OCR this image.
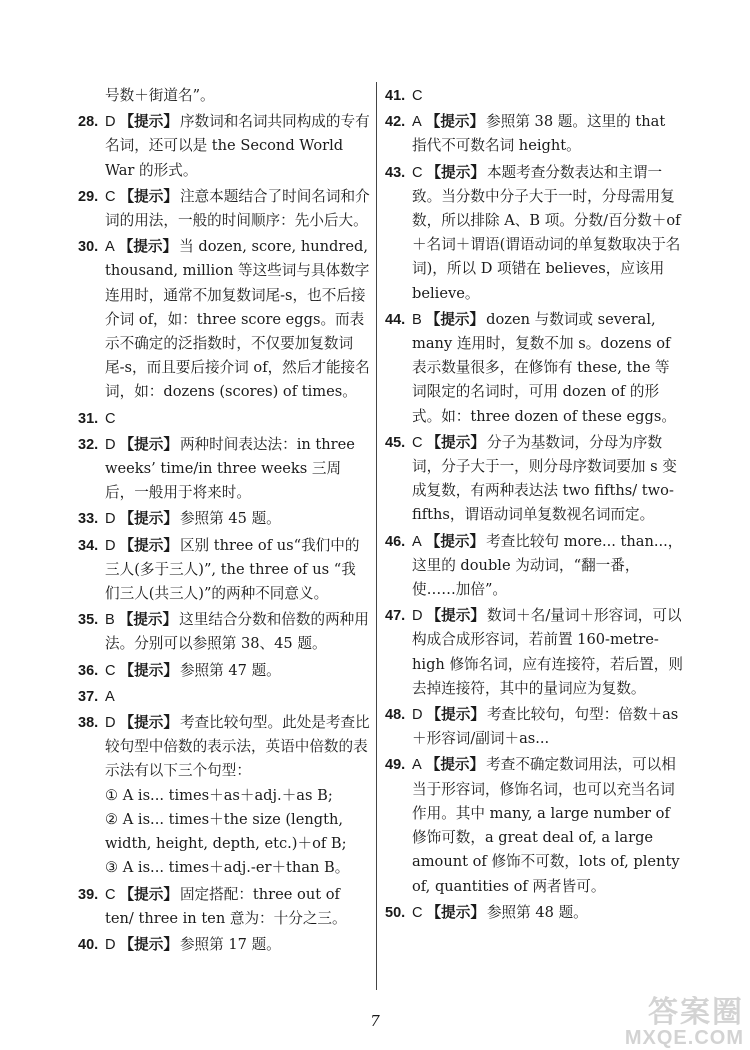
号数＋街道名”。
28. D 【提示】 序数词和名词共同构成的专有名词，还可以是 the Second World War 的形式。
29. C 【提示】 注意本题结合了时间名词和介词的用法，一般的时间顺序：先小后大。
30. A 【提示】 当 dozen, score, hundred, thousand, million 等这些词与具体数字连用时，通常不加复数词尾-s，也不后接介词 of，如：three score eggs。而表示不确定的泛指数时，不仅要加复数词尾-s，而且要后接介词 of，然后才能接名词，如：dozens (scores) of times。
31. C
32. D 【提示】 两种时间表达法：in three weeks’ time/in three weeks 三周后，一般用于将来时。
33. D 【提示】 参照第 45 题。
34. D 【提示】 区别 three of us“我们中的三人(多于三人)”, the three of us “我们三人(共三人)”的两种不同意义。
35. B 【提示】 这里结合分数和倍数的两种用法。分别可以参照第 38、45 题。
36. C 【提示】 参照第 47 题。
37. A
38. D 【提示】 考查比较句型。此处是考查比较句型中倍数的表示法，英语中倍数的表示法有以下三个句型：
① A is... times＋as＋adj.＋as B;
② A is... times＋the size (length, width, height, depth, etc.)＋of B;
③ A is... times＋adj.-er＋than B。
39. C 【提示】 固定搭配：three out of ten/ three in ten 意为：十分之三。
40. D 【提示】 参照第 17 题。
41. C
42. A 【提示】 参照第 38 题。这里的 that 指代不可数名词 height。
43. C 【提示】 本题考查分数表达和主谓一致。当分数中分子大于一时，分母需用复数，所以排除 A、B 项。分数/百分数＋of＋名词＋谓语(谓语动词的单复数取决于名词)，所以 D 项错在 believes，应该用 believe。
44. B 【提示】 dozen 与数词或 several, many 连用时，复数不加 s。dozens of 表示数量很多，在修饰有 these, the 等词限定的名词时，可用 dozen of 的形式。如：three dozen of these eggs。
45. C 【提示】 分子为基数词，分母为序数词，分子大于一，则分母序数词要加 s 变成复数，有两种表达法 two fifths/ two-fifths，谓语动词单复数视名词而定。
46. A 【提示】 考查比较句 more... than...，这里的 double 为动词，“翻一番，使……加倍”。
47. D 【提示】 数词＋名/量词＋形容词，可以构成合成形容词，若前置 160-metre-high 修饰名词，应有连接符，若后置，则去掉连接符，其中的量词应为复数。
48. D 【提示】 考查比较句，句型：倍数＋as＋形容词/副词＋as...
49. A 【提示】 考查不确定数词用法，可以相当于形容词，修饰名词，也可以充当名词作用。其中 many, a large number of 修饰可数，a great deal of, a large amount of 修饰不可数，lots of, plenty of, quantities of 两者皆可。
50. C 【提示】 参照第 48 题。
7	答案圈
MXQE.COM
